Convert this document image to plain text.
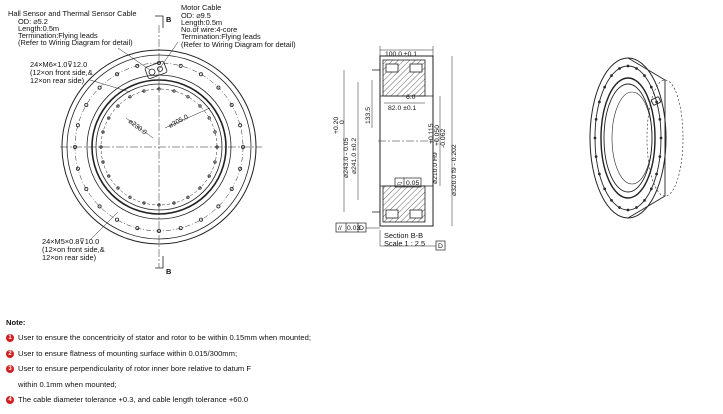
Hall Sensor and Thermal Sensor Cable
OD: ⌀5.2
Length:0.5m
Termination:Flying leads
(Refer to Wiring Diagram for detail)
Motor Cable
OD: ⌀9.5
Length:0.5m
No.of wire:4-core
Termination:Flying leads
(Refer to Wiring Diagram for detail)
24×M6×1.0⊽12.0
(12×on front side,&
12×on rear side)
24×M5×0.8⊽10.0
(12×on front side,&
12×on rear side)
⌀230.0	⌀305.0
B
B
100.0 ±0.1
133.5
6.0
82.0 ±0.1
⌀241.0 ±0.2
+0.20 0
⌀243.0 - 0.05
+0.115 +0.050
⌀210.0 H9
-0.062
⌀320.0 f9 - 0.202
▱ 0.05
// 0.03
D
D
Section B-B
Scale 1 : 2.5
Note:
1 User to ensure the concentricity of stator and rotor to be within 0.15mm when mounted;
2 User to ensure flatness of mounting surface within 0.015/300mm;
3 User to ensure perpendicularity of rotor inner bore relative to datum F
within 0.1mm when mounted;
4 The cable diameter tolerance +0.3, and cable length tolerance +60.0
